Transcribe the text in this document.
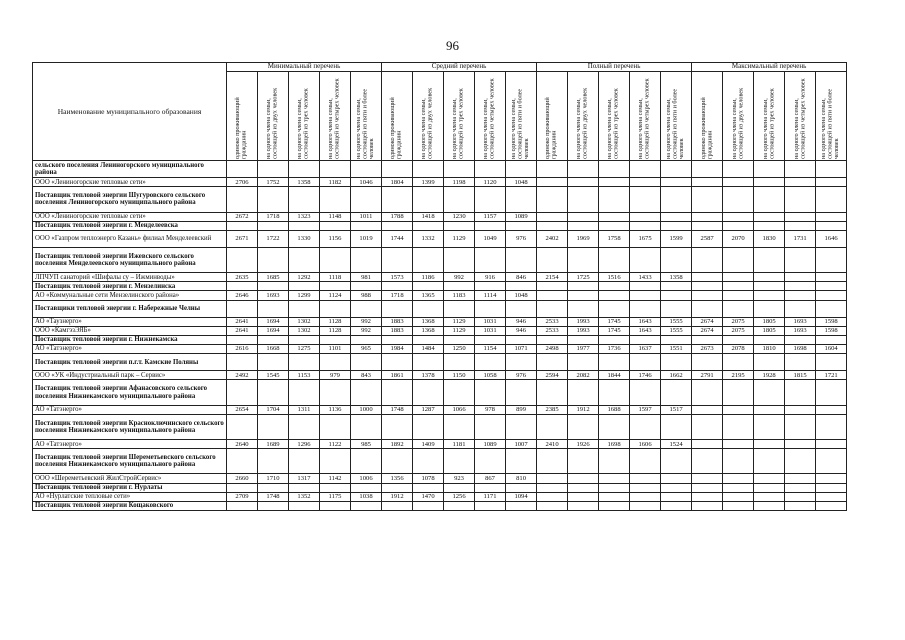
96
Наименование муниципального образования	Минимальный перечень					Средний перечень					Полный перечень					Максимальный перечень				

	одиноко проживающий гражданин	на одного члена семьи, состоящей из двух человек	на одного члена семьи, состоящей из трех человек	на одного члена семьи, состоящей из четырех человек	на одного члена семьи, состоящей из пяти и более человек	одиноко проживающий гражданин	на одного члена семьи, состоящей из двух человек	на одного члена семьи, состоящей из трех человек	на одного члена семьи, состоящей из четырех человек	на одного члена семьи, состоящей из пяти и более человек	одиноко проживающий гражданин	на одного члена семьи, состоящей из двух человек	на одного члена семьи, состоящей из трех человек	на одного члена семьи, состоящей из четырех человек	на одного члена семьи, состоящей из пяти и более человек	одиноко проживающий гражданин	на одного члена семьи, состоящей из двух человек	на одного члена семьи, состоящей из трех человек	на одного члена семьи, состоящей из четырех человек	на одного члена семьи, состоящей из пяти и более человек

сельского поселения Лениногорского муниципального района																				
ООО «Лениногорские тепловые сети»	2706	1752	1358	1182	1046	1804	1399	1198	1120	1048										
Поставщик тепловой энергии Шугуровского сельского поселения Лениногорского муниципального района																				
ООО «Лениногорские тепловые сети»	2672	1718	1323	1148	1011	1788	1418	1230	1157	1089										
Поставщик тепловой энергии г. Менделеевска																				
ООО «Газпром теплоэнерго Казань» филиал Менделеевский	2671	1722	1330	1156	1019	1744	1332	1129	1049	976	2402	1969	1758	1675	1599	2587	2070	1830	1731	1646
Поставщик тепловой энергии Ижевского сельского поселения Менделеевского муниципального района																				
ЛПЧУП санаторий «Шифалы су – Ижминводы»	2635	1685	1292	1118	981	1573	1186	992	916	846	2154	1725	1516	1433	1358					
Поставщик тепловой энергии г. Мензелинска																				
АО «Коммунальные сети Мензелинского района»	2646	1693	1299	1124	988	1718	1365	1183	1114	1048										
Поставщики тепловой энергии г. Набережные Челны																				
АО «Таузнерго»	2641	1694	1302	1128	992	1883	1368	1129	1031	946	2533	1993	1745	1643	1555	2674	2075	1805	1693	1598
ООО «КамгэзЭЯБ»	2641	1694	1302	1128	992	1883	1368	1129	1031	946	2533	1993	1745	1643	1555	2674	2075	1805	1693	1598
Поставщик тепловой энергии г. Нижнекамска																				
АО «Татэнерго»	2616	1668	1275	1101	965	1984	1484	1250	1154	1071	2498	1977	1736	1637	1551	2673	2078	1810	1698	1604
Поставщик тепловой энергии п.г.т. Камские Поляны																				
ООО «УК «Индустриальный парк – Сервис»	2492	1545	1153	979	843	1861	1378	1150	1058	976	2594	2082	1844	1746	1662	2791	2195	1928	1815	1721
Поставщик тепловой энергии Афанасовского сельского поселения Нижнекамского муниципального района																				
АО «Татэнерго»	2654	1704	1311	1136	1000	1748	1287	1066	978	899	2385	1912	1688	1597	1517					
Поставщик тепловой энергии Красноключинского сельского поселения Нижнекамского муниципального района																				
АО «Татэнерго»	2640	1689	1296	1122	985	1892	1409	1181	1089	1007	2410	1926	1698	1606	1524					
Поставщик тепловой энергии Шереметьевского сельского поселения Нижнекамского муниципального района																				
ООО «Шереметьевский ЖилСтройСервис»	2660	1710	1317	1142	1006	1356	1078	923	867	810										
Поставщик тепловой энергии г. Нурлаты																				
АО «Нурлатские тепловые сети»	2709	1748	1352	1175	1038	1912	1470	1256	1171	1094										
Поставщик тепловой энергии Кощаковского																				
